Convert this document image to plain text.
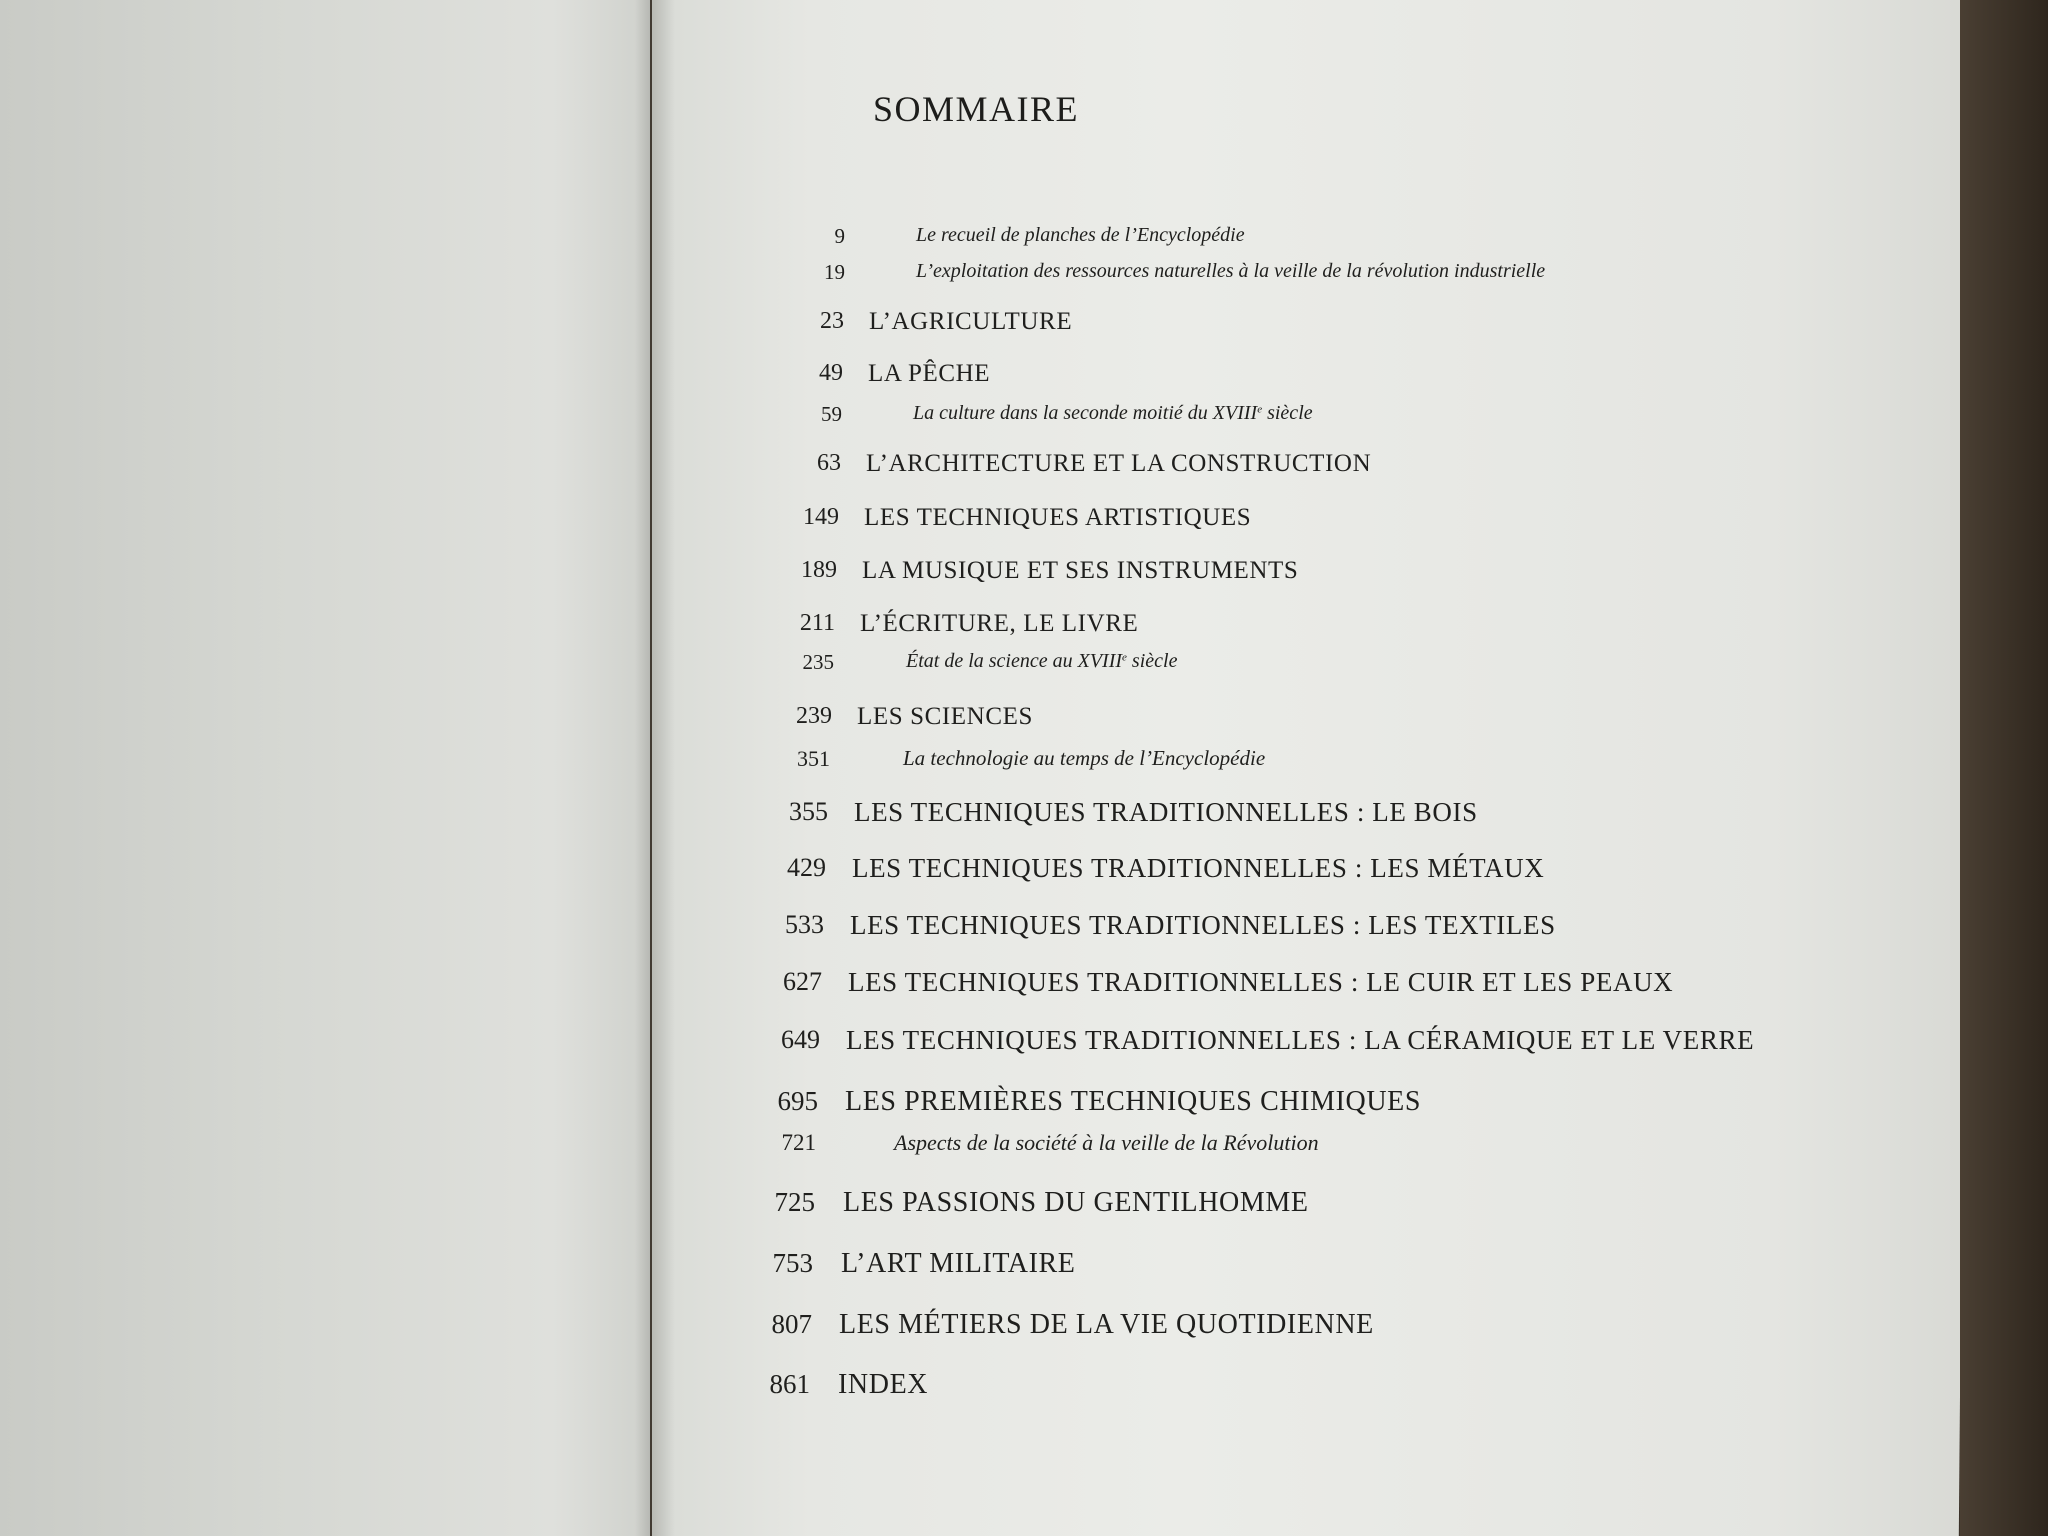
SOMMAIRE
9	Le recueil de planches de l’Encyclopédie
19	L’exploitation des ressources naturelles à la veille de la révolution industrielle
23 L’AGRICULTURE
49 LA PÊCHE
59	La culture dans la seconde moitié du XVIIIe siècle
63 L’ARCHITECTURE ET LA CONSTRUCTION
149 LES TECHNIQUES ARTISTIQUES
189 LA MUSIQUE ET SES INSTRUMENTS
211 L’ÉCRITURE, LE LIVRE
235	État de la science au XVIIIe siècle
239 LES SCIENCES
351	La technologie au temps de l’Encyclopédie
355 LES TECHNIQUES TRADITIONNELLES : LE BOIS
429 LES TECHNIQUES TRADITIONNELLES : LES MÉTAUX
533 LES TECHNIQUES TRADITIONNELLES : LES TEXTILES
627 LES TECHNIQUES TRADITIONNELLES : LE CUIR ET LES PEAUX
649 LES TECHNIQUES TRADITIONNELLES : LA CÉRAMIQUE ET LE VERRE
695 LES PREMIÈRES TECHNIQUES CHIMIQUES
721	Aspects de la société à la veille de la Révolution
725 LES PASSIONS DU GENTILHOMME
753 L’ART MILITAIRE
807 LES MÉTIERS DE LA VIE QUOTIDIENNE
861 INDEX
